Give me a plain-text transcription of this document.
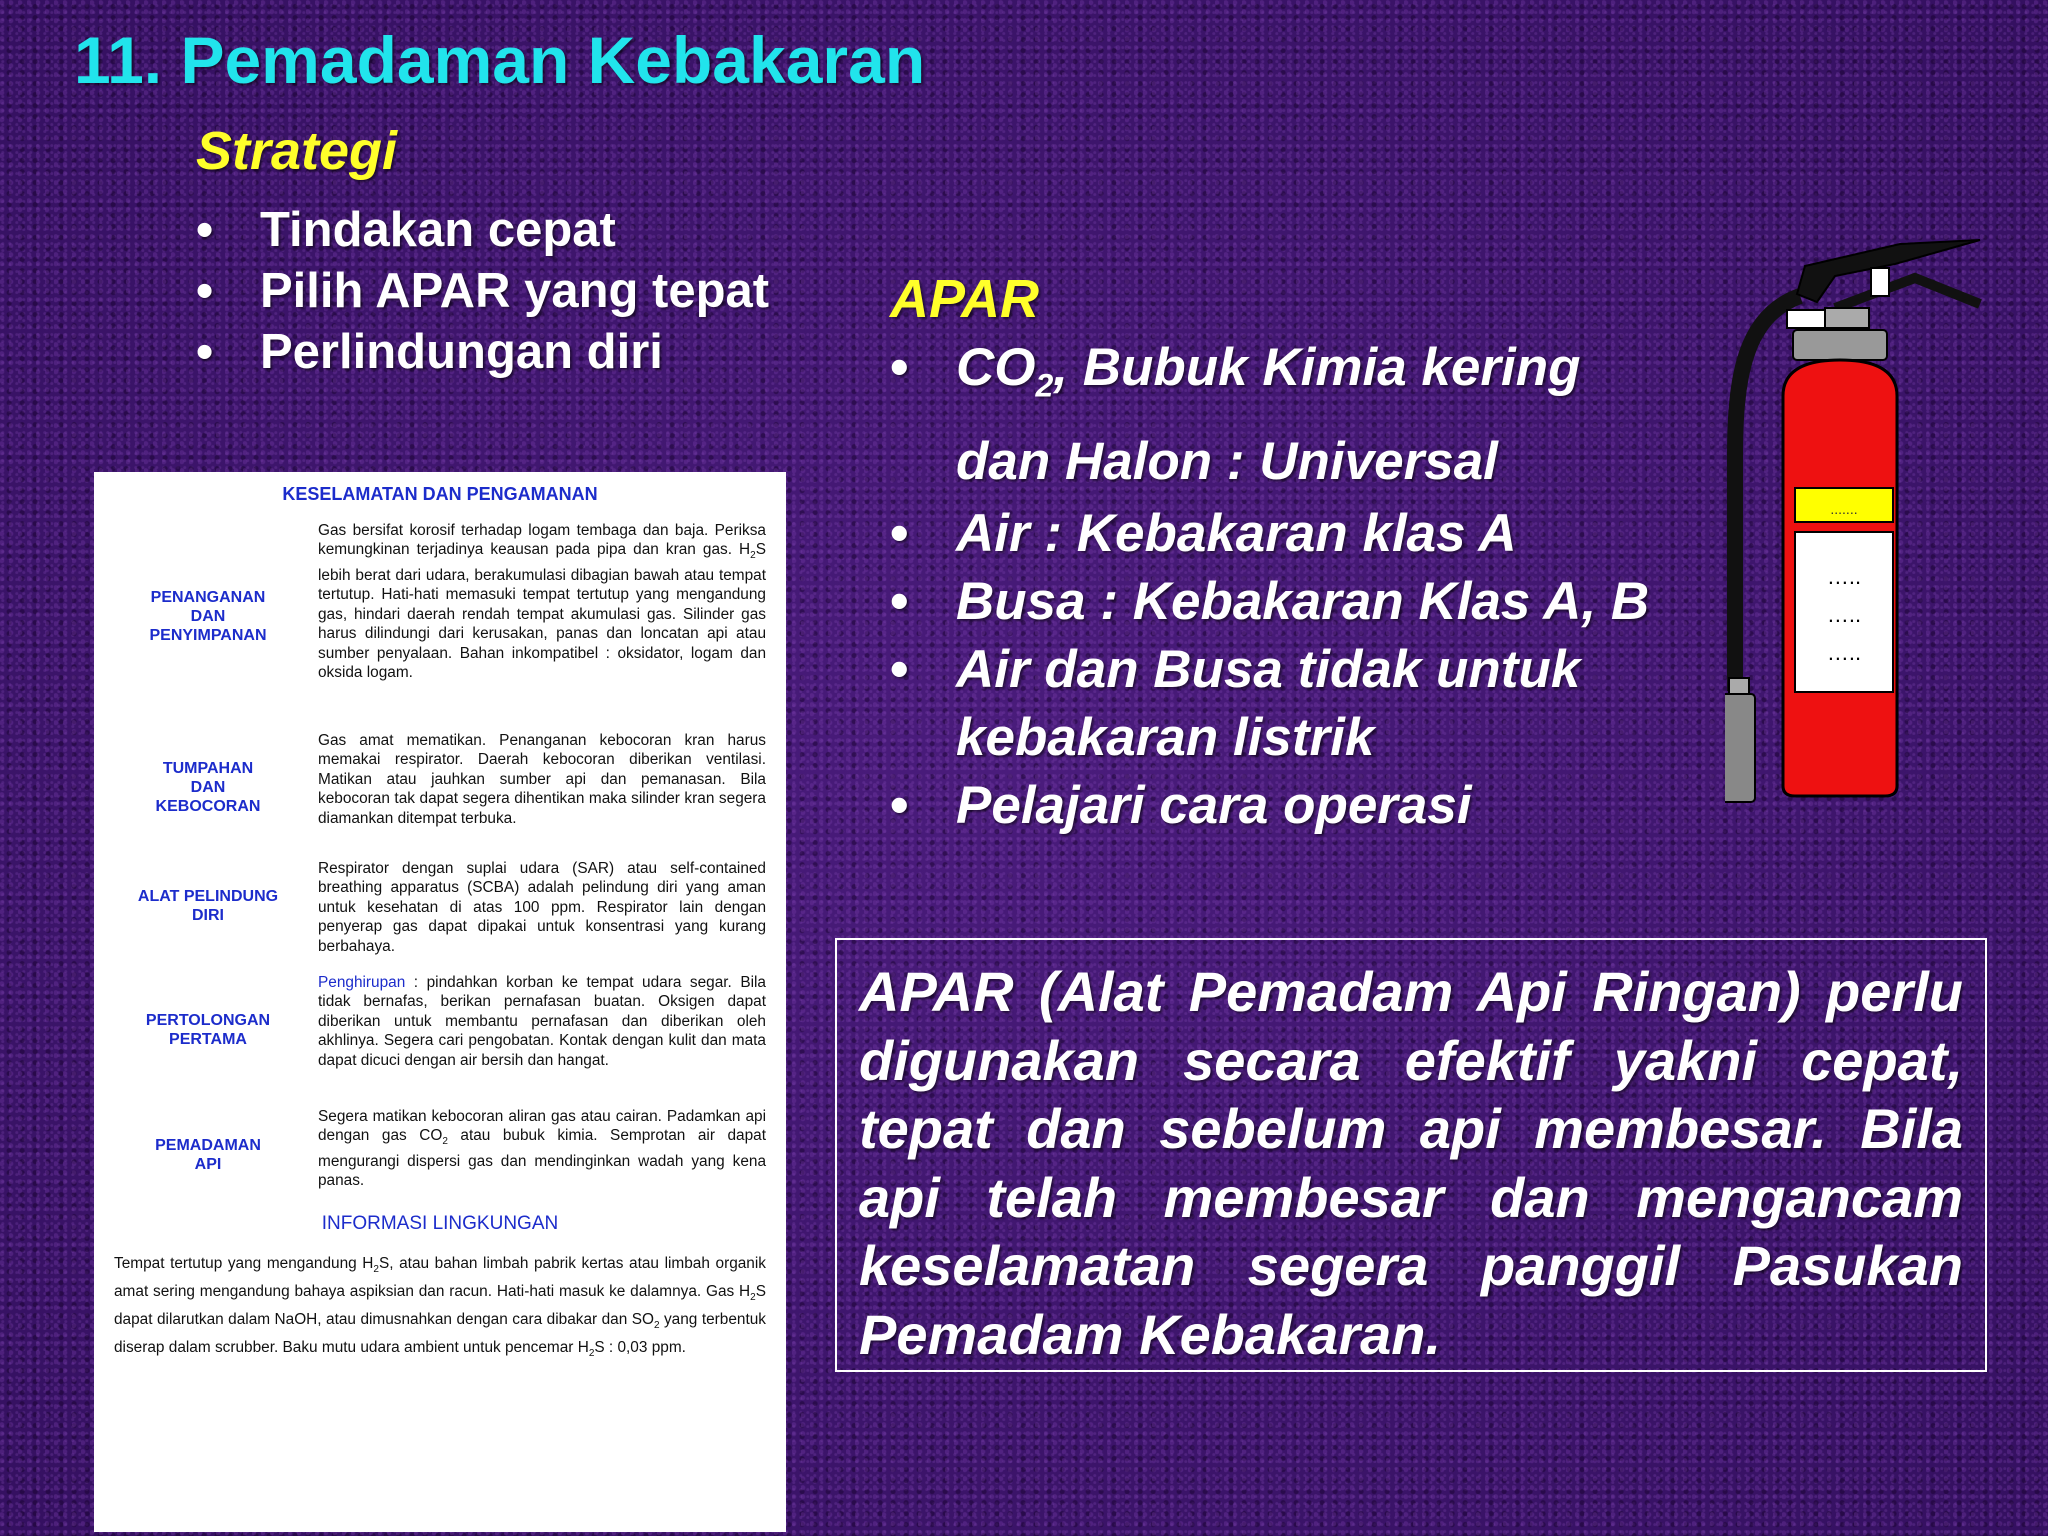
11. Pemadaman Kebakaran
Strategi
• Tindakan cepat
• Pilih APAR yang tepat
• Perlindungan diri
APAR
• $CO_2$, Bubuk Kimia kering
dan Halon : Universal
• Air : Kebakaran klas A
• Busa : Kebakaran Klas A, B
• Air dan Busa tidak untuk
kebakaran listrik
• Pelajari cara operasi
.......
…..
…..
…..
APAR (Alat Pemadam Api Ringan) perlu digunakan secara efektif yakni cepat, tepat dan sebelum api membesar. Bila api telah membesar dan mengancam keselamatan segera panggil Pasukan Pemadam Kebakaran.
KESELAMATAN DAN PENGAMANAN
PENANGANAN
DAN
PENYIMPANAN
Gas bersifat korosif terhadap logam tembaga dan baja. Periksa kemungkinan terjadinya keausan pada pipa dan kran gas. $H_2S$ lebih berat dari udara, berakumulasi dibagian bawah atau tempat tertutup. Hati-hati memasuki tempat tertutup yang mengandung gas, hindari daerah rendah tempat akumulasi gas. Silinder gas harus dilindungi dari kerusakan, panas dan loncatan api atau sumber penyalaan. Bahan inkompatibel : oksidator, logam dan oksida logam.
TUMPAHAN
DAN
KEBOCORAN
Gas amat mematikan. Penanganan kebocoran kran harus memakai respirator. Daerah kebocoran diberikan ventilasi. Matikan atau jauhkan sumber api dan pemanasan. Bila kebocoran tak dapat segera dihentikan maka silinder kran segera diamankan ditempat terbuka.
ALAT PELINDUNG
DIRI
Respirator dengan suplai udara (SAR) atau self-contained breathing apparatus (SCBA) adalah pelindung diri yang aman untuk kesehatan di atas 100 ppm. Respirator lain dengan penyerap gas dapat dipakai untuk konsentrasi yang kurang berbahaya.
PERTOLONGAN
PERTAMA
Penghirupan : pindahkan korban ke tempat udara segar. Bila tidak bernafas, berikan pernafasan buatan. Oksigen dapat diberikan untuk membantu pernafasan dan diberikan oleh akhlinya. Segera cari pengobatan. Kontak dengan kulit dan mata dapat dicuci dengan air bersih dan hangat.
PEMADAMAN
API
Segera matikan kebocoran aliran gas atau cairan. Padamkan api dengan gas $CO_2$ atau bubuk kimia. Semprotan air dapat mengurangi dispersi gas dan mendinginkan wadah yang kena panas.
INFORMASI LINGKUNGAN
Tempat tertutup yang mengandung $H_2S$, atau bahan limbah pabrik kertas atau limbah organik amat sering mengandung bahaya aspiksian dan racun. Hati-hati masuk ke dalamnya. Gas $H_2S$ dapat dilarutkan dalam NaOH, atau dimusnahkan dengan cara dibakar dan $SO_2$ yang terbentuk diserap dalam scrubber. Baku mutu udara ambient untuk pencemar $H_2S$ : 0,03 ppm.
